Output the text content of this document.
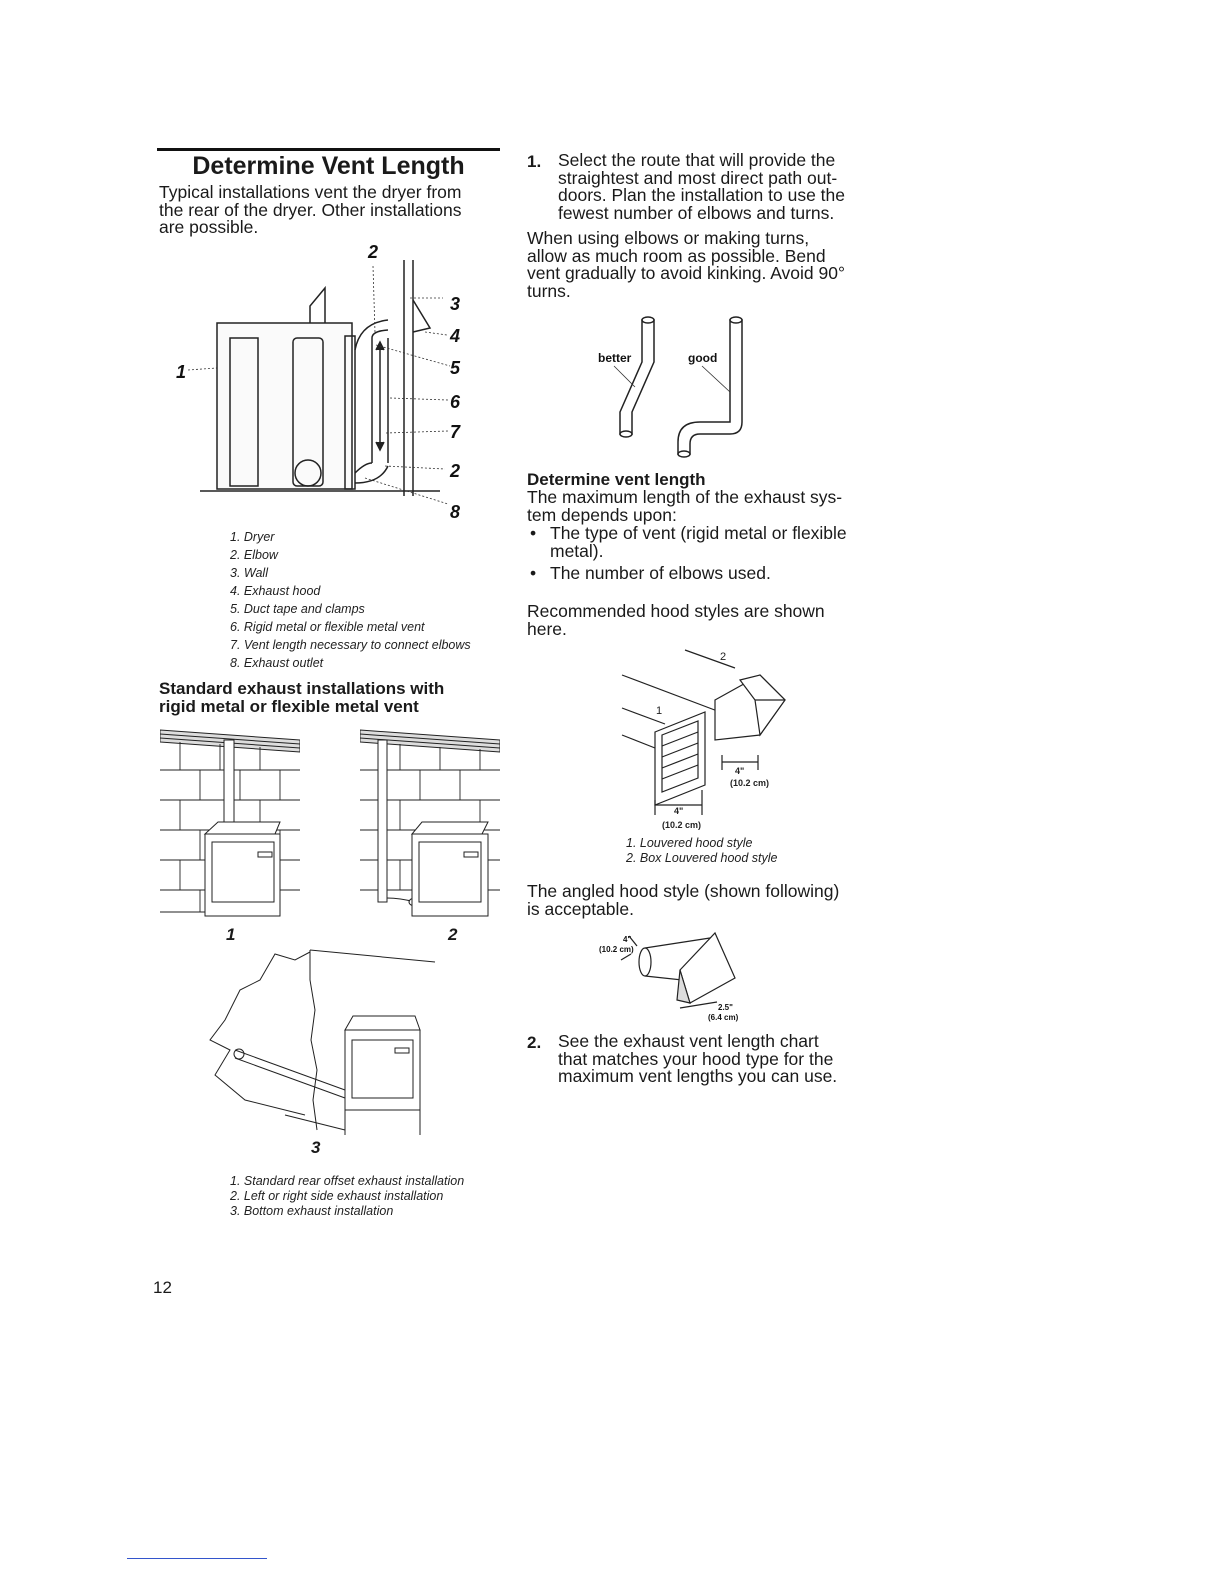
Determine Vent Length
Typical installations vent the dryer from
the rear of the dryer. Other installations
are possible.
1
2
3
4
5
6
7
2
8
1. Dryer
2. Elbow
3. Wall
4. Exhaust hood
5. Duct tape and clamps
6. Rigid metal or flexible metal vent
7. Vent length necessary to connect elbows
8. Exhaust outlet
Standard exhaust installations with
rigid metal or flexible metal vent
1	2
3
1. Standard rear offset exhaust installation
2. Left or right side exhaust installation
3. Bottom exhaust installation
12
1. Select the route that will provide the
straightest and most direct path out-
doors. Plan the installation to use the
fewest number of elbows and turns.
When using elbows or making turns,
allow as much room as possible. Bend
vent gradually to avoid kinking. Avoid 90°
turns.
better	good
Determine vent length
The maximum length of the exhaust sys-
tem depends upon:
• The type of vent (rigid metal or flexible
metal).
• The number of elbows used.
Recommended hood styles are shown
here.
2
1
4"
(10.2 cm)
4"
(10.2 cm)
1. Louvered hood style
2. Box Louvered hood style
The angled hood style (shown following)
is acceptable.
4"
(10.2 cm)
2.5"
(6.4 cm)
2. See the exhaust vent length chart
that matches your hood type for the
maximum vent lengths you can use.
